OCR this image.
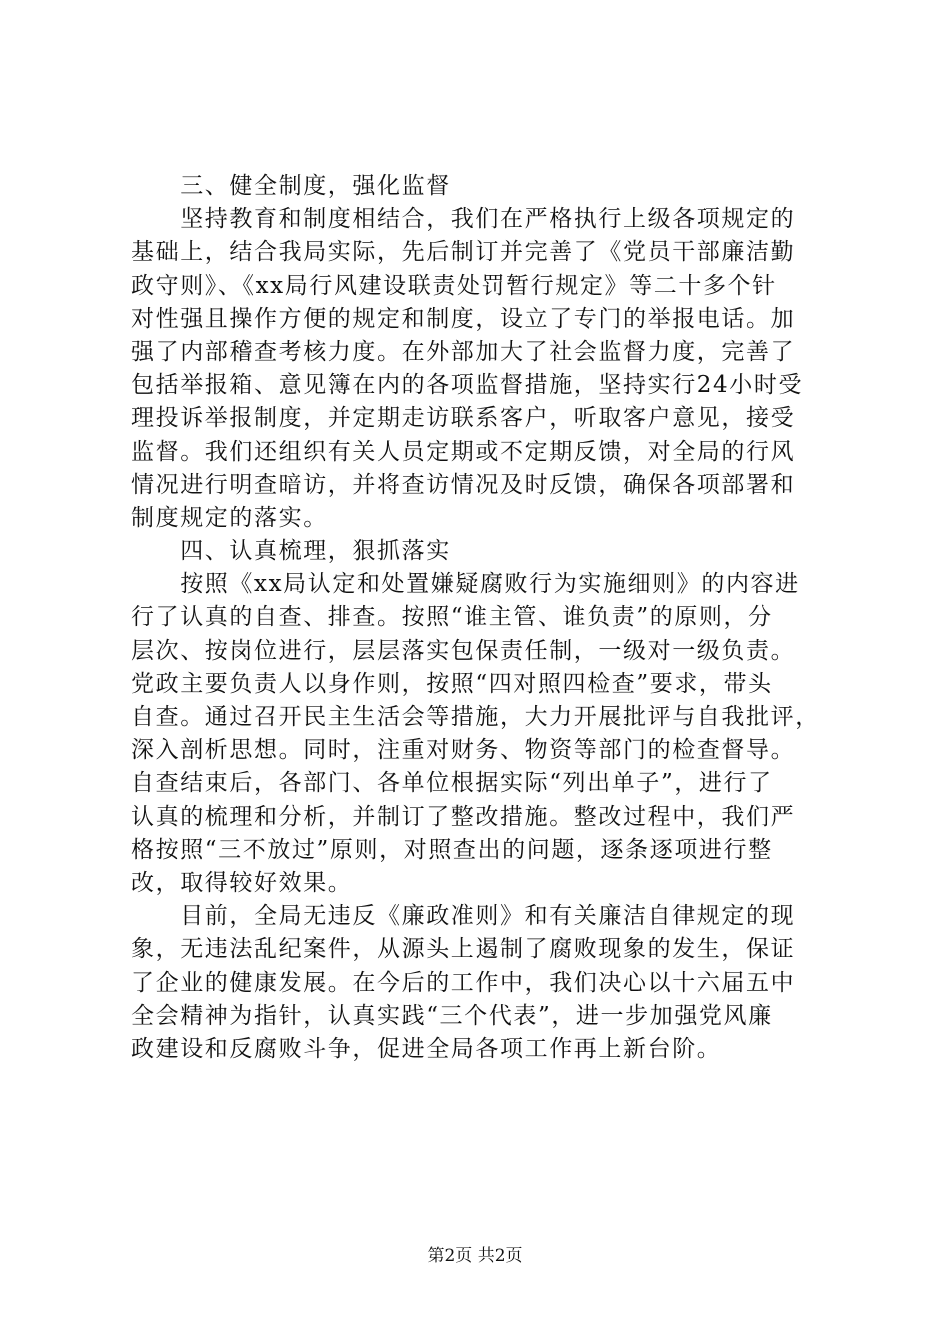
　　三、健全制度，强化监督
　　坚持教育和制度相结合，我们在严格执行上级各项规定的
基础上，结合我局实际，先后制订并完善了《党员干部廉洁勤
政守则》、《xx局行风建设联责处罚暂行规定》等二十多个针
对性强且操作方便的规定和制度，设立了专门的举报电话。加
强了内部稽查考核力度。在外部加大了社会监督力度，完善了
包括举报箱、意见簿在内的各项监督措施，坚持实行24小时受
理投诉举报制度，并定期走访联系客户，听取客户意见，接受
监督。我们还组织有关人员定期或不定期反馈，对全局的行风
情况进行明查暗访，并将查访情况及时反馈，确保各项部署和
制度规定的落实。
　　四、认真梳理，狠抓落实
　　按照《xx局认定和处置嫌疑腐败行为实施细则》的内容进
行了认真的自查、排查。按照“谁主管、谁负责”的原则，分
层次、按岗位进行，层层落实包保责任制，一级对一级负责。
党政主要负责人以身作则，按照“四对照四检查”要求，带头
自查。通过召开民主生活会等措施，大力开展批评与自我批评，
深入剖析思想。同时，注重对财务、物资等部门的检查督导。
自查结束后，各部门、各单位根据实际“列出单子”，进行了
认真的梳理和分析，并制订了整改措施。整改过程中，我们严
格按照“三不放过”原则，对照查出的问题，逐条逐项进行整
改，取得较好效果。
　　目前，全局无违反《廉政准则》和有关廉洁自律规定的现
象，无违法乱纪案件，从源头上遏制了腐败现象的发生，保证
了企业的健康发展。在今后的工作中，我们决心以十六届五中
全会精神为指针，认真实践“三个代表”，进一步加强党风廉
政建设和反腐败斗争，促进全局各项工作再上新台阶。
第2页 共2页
